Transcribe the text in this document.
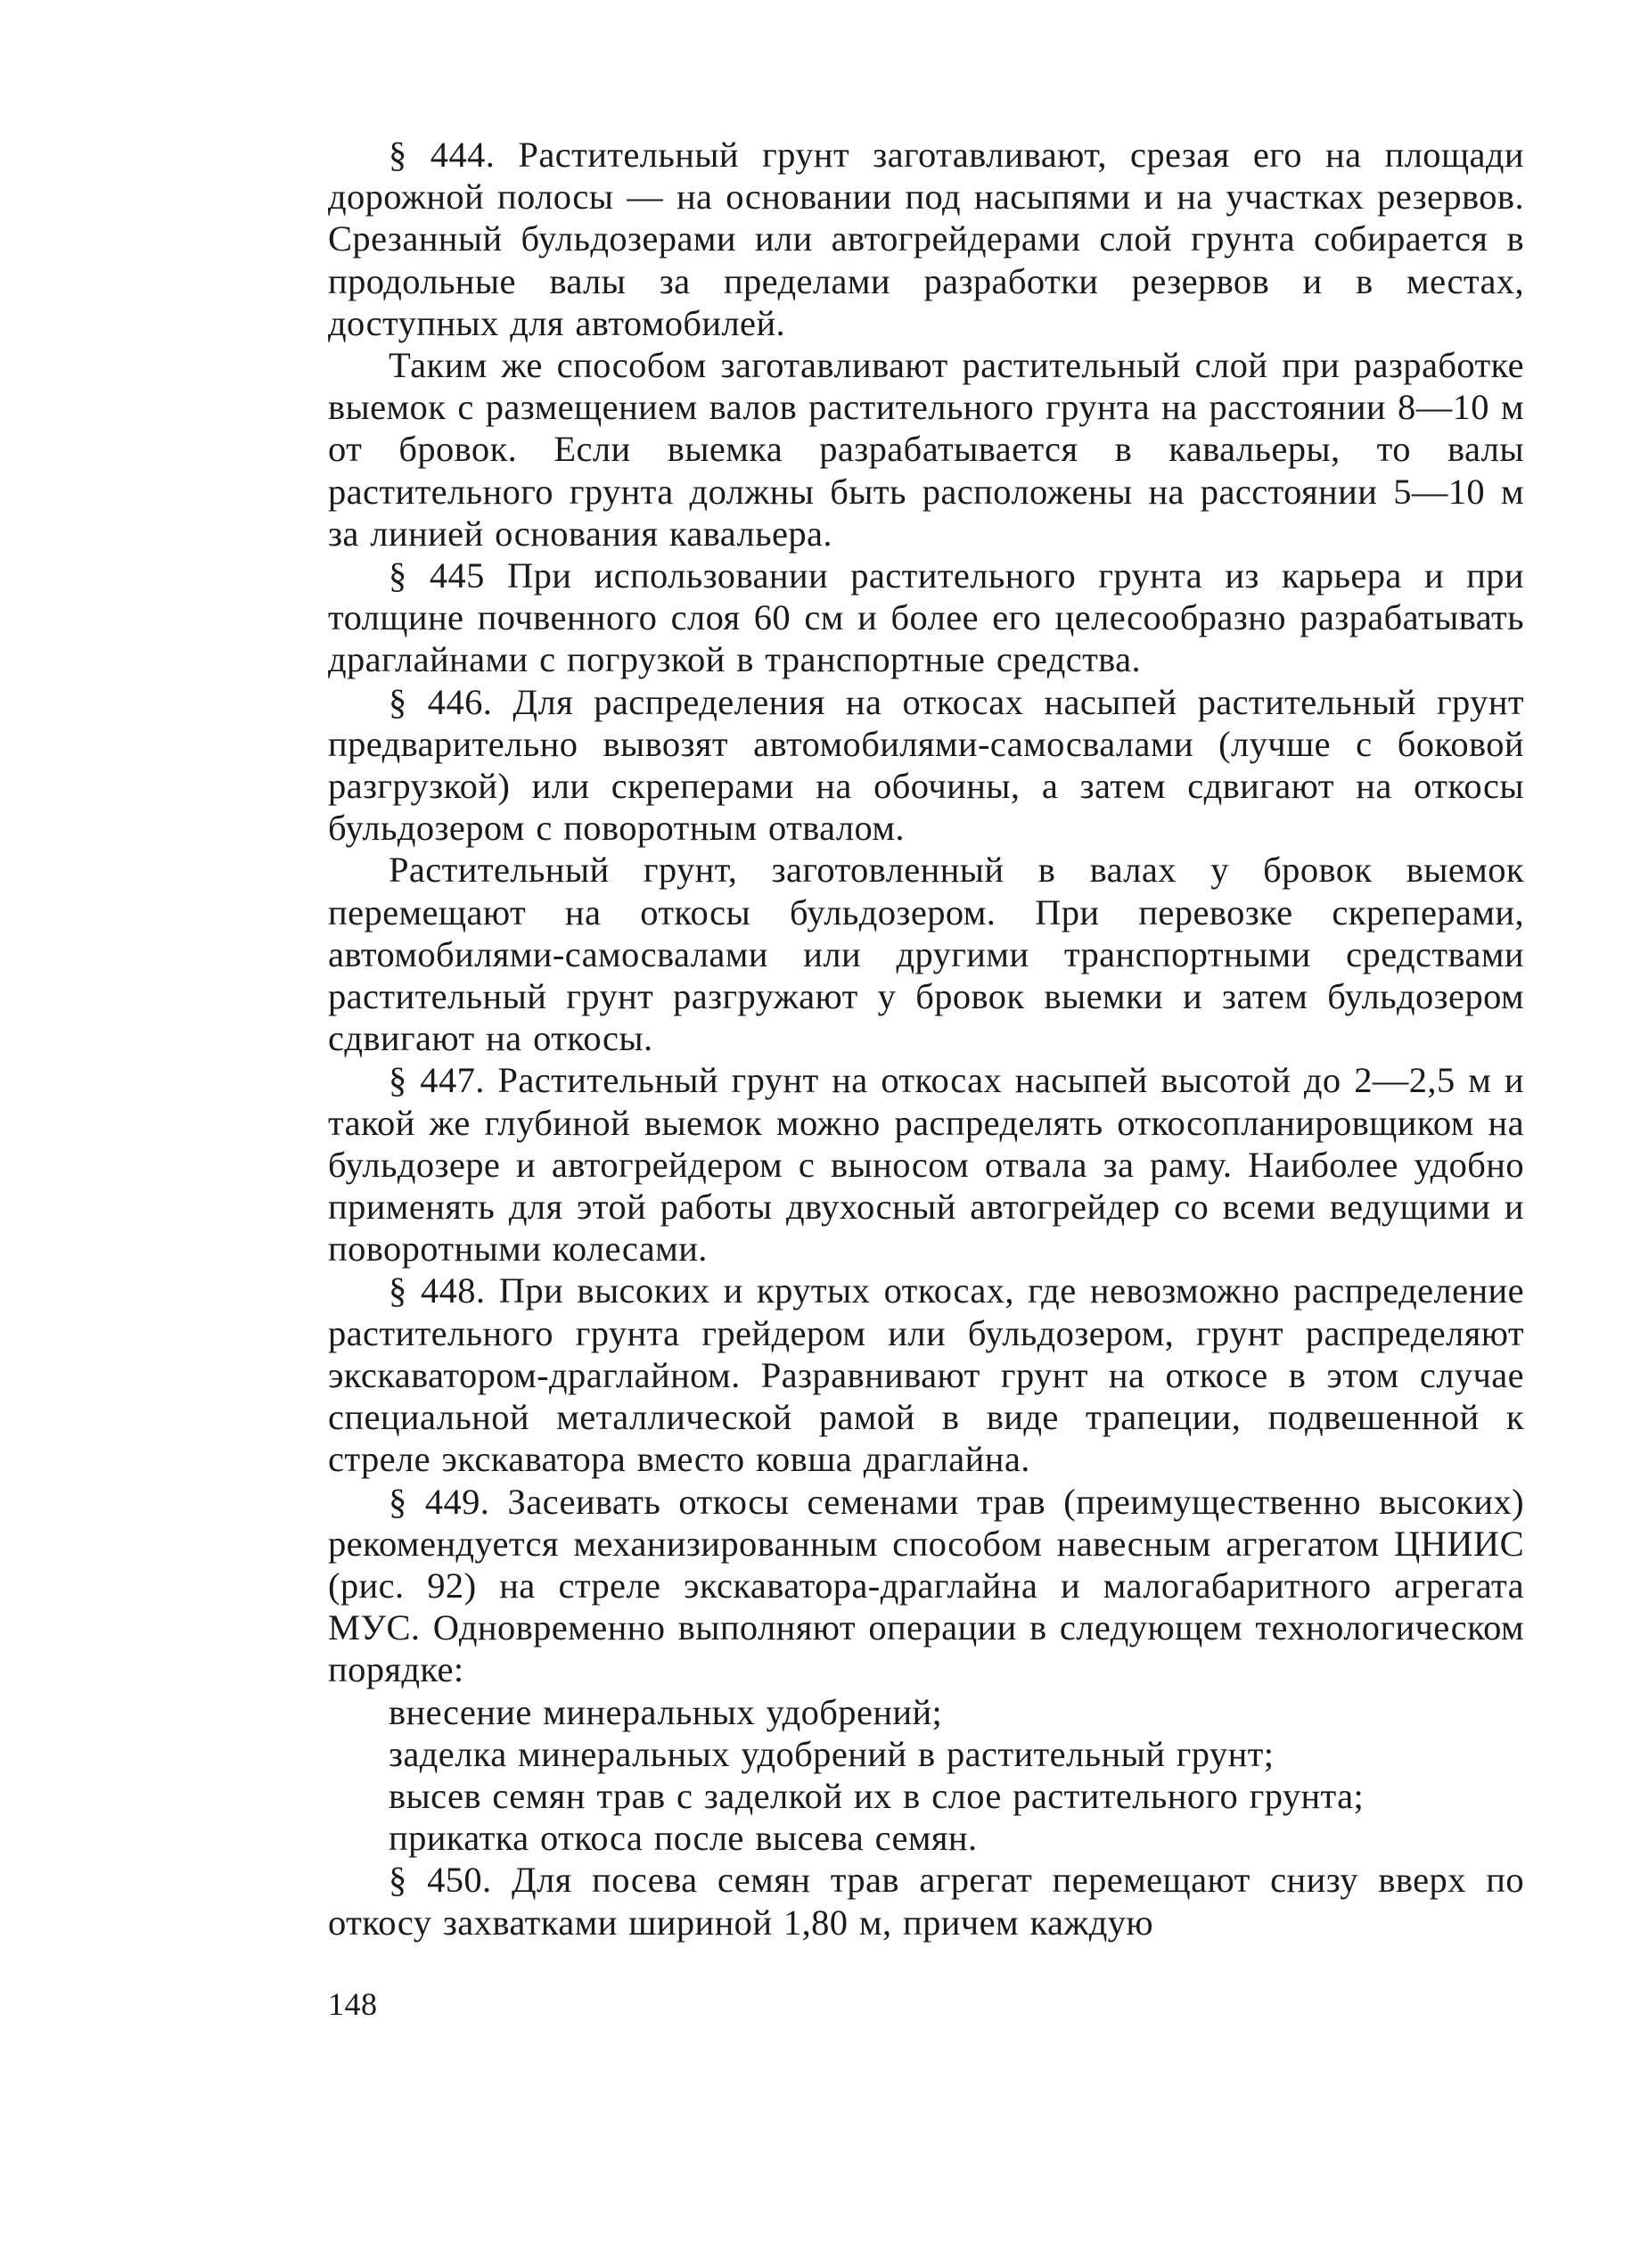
§ 444. Растительный грунт заготавливают, срезая его на площади дорожной полосы — на основании под насыпями и на участках резервов. Срезанный бульдозерами или автогрейдерами слой грунта собирается в продольные валы за пределами разработки резервов и в местах, доступных для автомобилей.

Таким же способом заготавливают растительный слой при разработке выемок с размещением валов растительного грунта на расстоянии 8—10 м от бровок. Если выемка разрабатывается в кавальеры, то валы растительного грунта должны быть расположены на расстоянии 5—10 м за линией основания кавальера.

§ 445 При использовании растительного грунта из карьера и при толщине почвенного слоя 60 см и более его целесообразно разрабатывать драглайнами с погрузкой в транспортные средства.

§ 446. Для распределения на откосах насыпей растительный грунт предварительно вывозят автомобилями-самосвалами (лучше с боковой разгрузкой) или скреперами на обочины, а затем сдвигают на откосы бульдозером с поворотным отвалом.

Растительный грунт, заготовленный в валах у бровок выемок перемещают на откосы бульдозером. При перевозке скреперами, автомобилями-самосвалами или другими транспортными средствами растительный грунт разгружают у бровок выемки и затем бульдозером сдвигают на откосы.

§ 447. Растительный грунт на откосах насыпей высотой до 2—2,5 м и такой же глубиной выемок можно распределять откосопланировщиком на бульдозере и автогрейдером с выносом отвала за раму. Наиболее удобно применять для этой работы двухосный автогрейдер со всеми ведущими и поворотными колесами.

§ 448. При высоких и крутых откосах, где невозможно распределение растительного грунта грейдером или бульдозером, грунт распределяют экскаватором-драглайном. Разравнивают грунт на откосе в этом случае специальной металлической рамой в виде трапеции, подвешенной к стреле экскаватора вместо ковша драглайна.

§ 449. Засеивать откосы семенами трав (преимущественно высоких) рекомендуется механизированным способом навесным агрегатом ЦНИИС (рис. 92) на стреле экскаватора-драглайна и малогабаритного агрегата МУС. Одновременно выполняют операции в следующем технологическом порядке:

внесение минеральных удобрений;
заделка минеральных удобрений в растительный грунт;
высев семян трав с заделкой их в слое растительного грунта;
прикатка откоса после высева семян.

§ 450. Для посева семян трав агрегат перемещают снизу вверх по откосу захватками шириной 1,80 м, причем каждую

148
